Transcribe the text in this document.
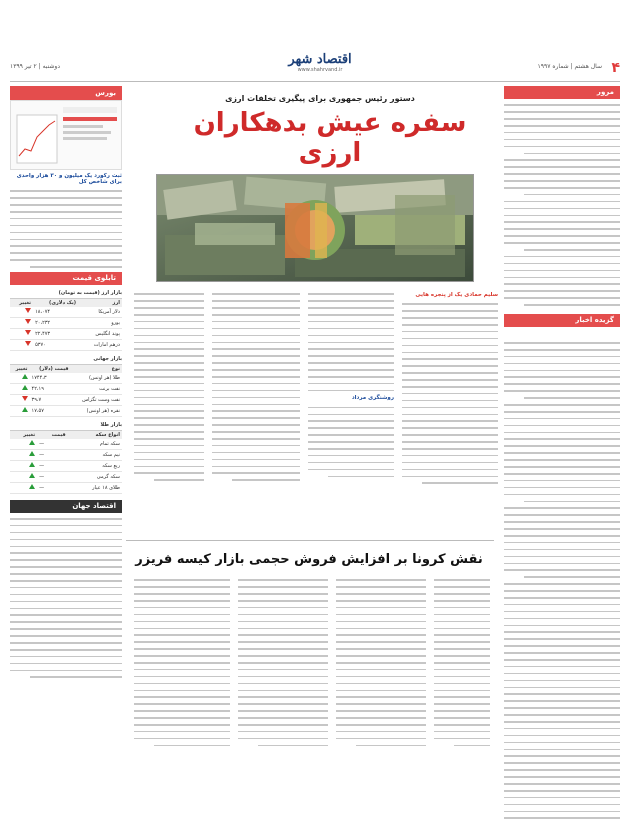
۴
سال هشتم | شماره ۱۹۹۷
اقتصاد شهر
www.shahrvand.ir
دوشنبه | ۲ تیر ۱۳۹۹
مرور
گزیده اخبار
دستور رئیس جمهوری برای پیگیری تخلفات ارزی
سفره عیش بدهکاران ارزی
سلیم حمادی یک از پنجره هایی
روشنگری مرداد
بورس
ثبت رکورد یک میلیون و ۳۰ هزار واحدی برای شاخص کل
تابلوی قیمت
بازار ارز (قیمت به تومان)
ارز	(یک دلاری)	تغییر
دلار آمریکا	۱۸،۰۷۴	
یورو	۲۰،۲۳۲	
پوند انگلیس	۲۲،۴۷۳	
درهم امارات	۵۳۷۰	
بازار جهانی
نوع	قیمت (دلار)	تغییر
طلا (هر اونس)	۱۷۴۴،۳	
نفت برنت	۴۲،۱۹	
نفت وست تگزاس	۳۹،۷	
نقره (هر اونس)	۱۷،۵۷	
بازار طلا
انواع سکه	قیمت	تغییر
سکه تمام	—	
نیم سکه	—	
ربع سکه	—	
سکه گرمی	—	
طلای ۱۸ عیار	—	
اقتصاد جهان
نقش کرونا بر افزایش فروش حجمی بازار کیسه فریزر
